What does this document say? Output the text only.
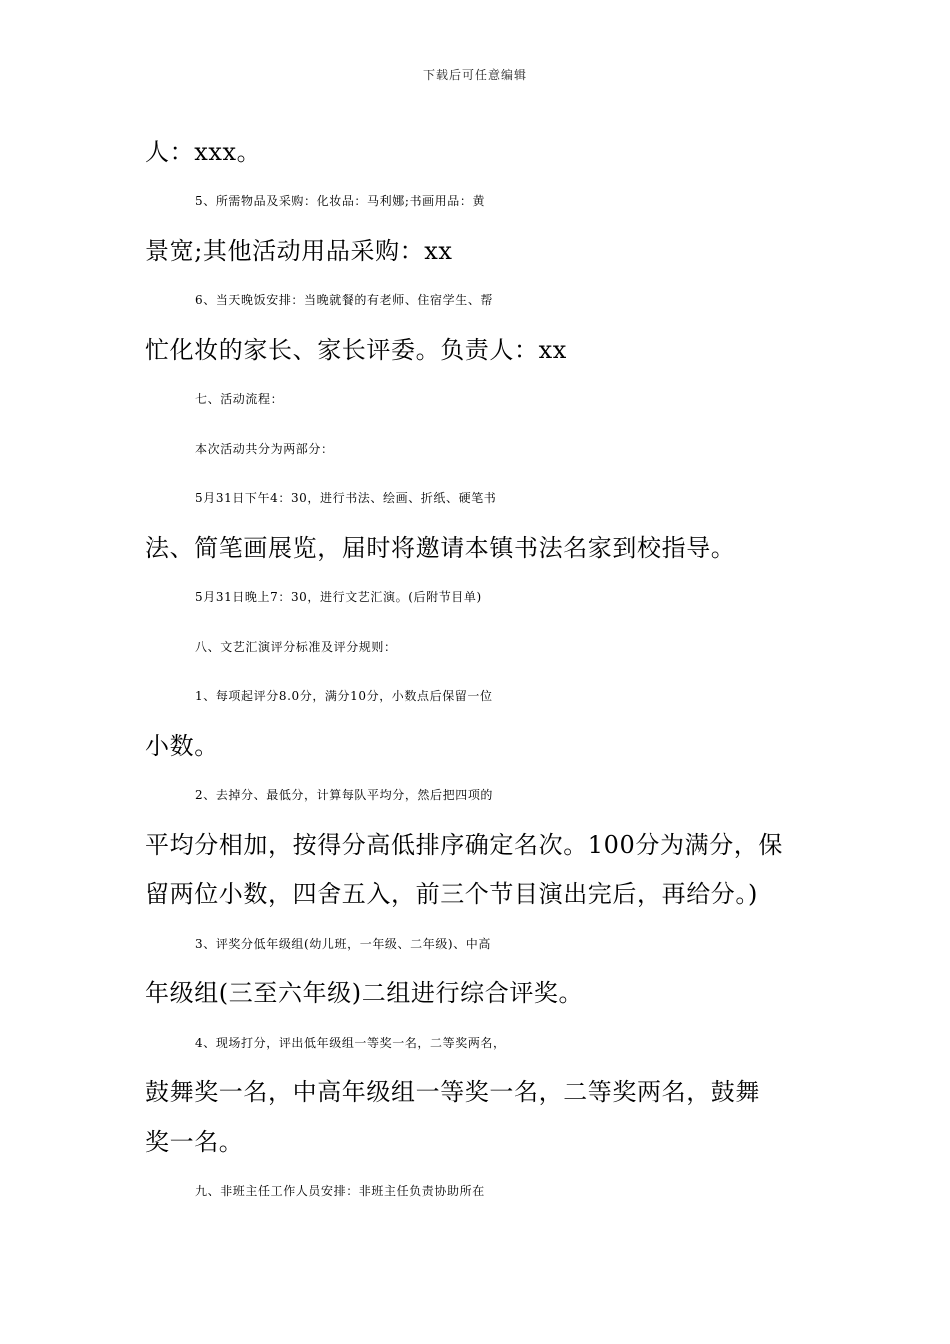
下载后可任意编辑
人：xxx。
5、所需物品及采购：化妆品：马利娜;书画用品：黄
景宽;其他活动用品采购：xx
6、当天晚饭安排：当晚就餐的有老师、住宿学生、帮
忙化妆的家长、家长评委。负责人：xx
七、活动流程：
本次活动共分为两部分：
5月31日下午4：30，进行书法、绘画、折纸、硬笔书
法、简笔画展览，届时将邀请本镇书法名家到校指导。
5月31日晚上7：30，进行文艺汇演。(后附节目单)
八、文艺汇演评分标准及评分规则：
1、每项起评分8.0分，满分10分，小数点后保留一位
小数。
2、去掉分、最低分，计算每队平均分，然后把四项的
平均分相加，按得分高低排序确定名次。100分为满分，保
留两位小数，四舍五入，前三个节目演出完后，再给分。)
3、评奖分低年级组(幼儿班，一年级、二年级)、中高
年级组(三至六年级)二组进行综合评奖。
4、现场打分，评出低年级组一等奖一名，二等奖两名，
鼓舞奖一名，中高年级组一等奖一名，二等奖两名，鼓舞
奖一名。
九、非班主任工作人员安排：非班主任负责协助所在
